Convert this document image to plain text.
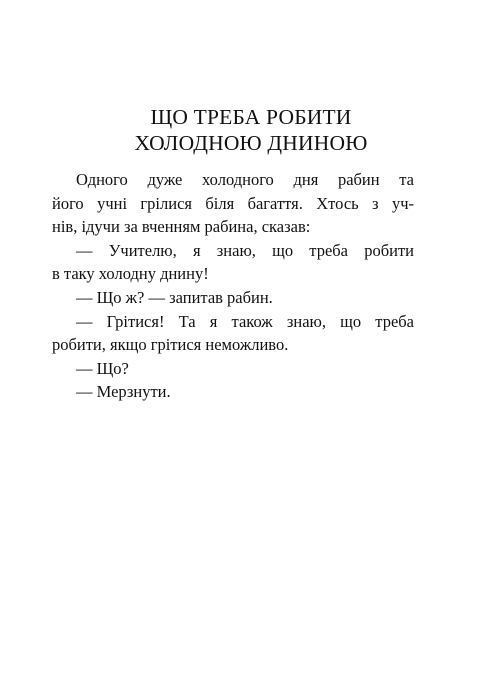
ЩО ТРЕБА РОБИТИ
ХОЛОДНОЮ ДНИНОЮ

Одного дуже холодного дня рабин та
його учні грілися біля багаття. Хтось з уч-
нів, ідучи за вченням рабина, сказав:

— Учителю, я знаю, що треба робити
в таку холодну днину!

— Що ж? — запитав рабин.

— Грітися! Та я також знаю, що треба
робити, якщо грітися неможливо.

— Що?

— Мерзнути.
